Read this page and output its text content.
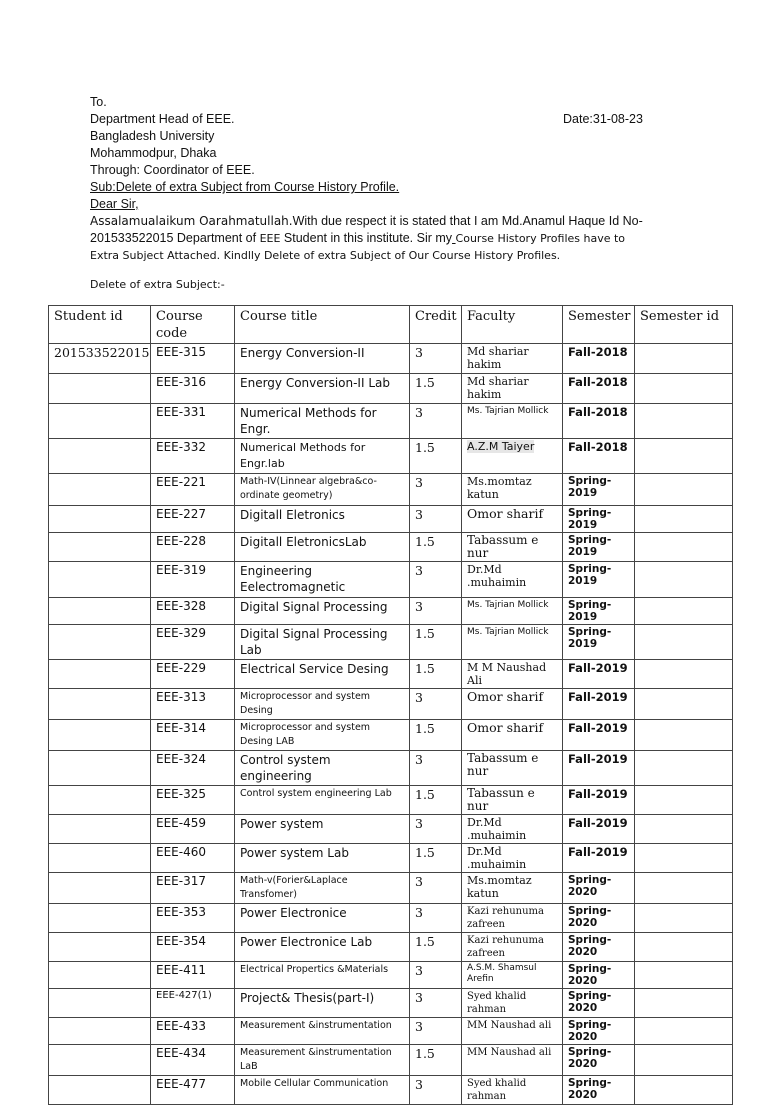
To.
Department Head of EEE.
Bangladesh University
Mohammodpur, Dhaka
Through: Coordinator of EEE.
Sub:Delete of extra Subject from Course History Profile.
Dear Sir,
Assalamualaikum Oarahmatullah.With due respect it is stated that I am Md.Anamul Haque Id No-201533522015 Department of EEE Student in this institute. Sir my Course History Profiles have to Extra Subject Attached. Kindlly Delete of extra Subject of Our Course History Profiles.
Date:31-08-23
Delete of extra Subject:-
Student id	Course code	Course title	Credit	Faculty	Semester	Semester id
201533522015	EEE-315	Energy Conversion-II	3	Md shariar hakim	Fall-2018	
	EEE-316	Energy Conversion-II Lab	1.5	Md shariar hakim	Fall-2018	
	EEE-331	Numerical Methods for Engr.	3	Ms. Tajrian Mollick	Fall-2018	
	EEE-332	Numerical Methods for Engr.lab	1.5	A.Z.M Taiyer	Fall-2018	
	EEE-221	Math-IV(Linnear algebra&co-ordinate geometry)	3	Ms.momtaz katun	Spring-2019	
	EEE-227	Digitall Eletronics	3	Omor sharif	Spring-2019	
	EEE-228	Digitall EletronicsLab	1.5	Tabassum e nur	Spring-2019	
	EEE-319	Engineering Eelectromagnetic	3	Dr.Md .muhaimin	Spring-2019	
	EEE-328	Digital Signal Processing	3	Ms. Tajrian Mollick	Spring-2019	
	EEE-329	Digital Signal Processing Lab	1.5	Ms. Tajrian Mollick	Spring-2019	
	EEE-229	Electrical Service Desing	1.5	M M Naushad Ali	Fall-2019	
	EEE-313	Microprocessor and system Desing	3	Omor sharif	Fall-2019	
	EEE-314	Microprocessor and system Desing LAB	1.5	Omor sharif	Fall-2019	
	EEE-324	Control system engineering	3	Tabassum e nur	Fall-2019	
	EEE-325	Control system engineering Lab	1.5	Tabassun e nur	Fall-2019	
	EEE-459	Power system	3	Dr.Md .muhaimin	Fall-2019	
	EEE-460	Power system Lab	1.5	Dr.Md .muhaimin	Fall-2019	
	EEE-317	Math-v(Forier&Laplace Transfomer)	3	Ms.momtaz katun	Spring- 2020	
	EEE-353	Power Electronice	3	Kazi rehunuma zafreen	Spring- 2020	
	EEE-354	Power Electronice Lab	1.5	Kazi rehunuma zafreen	Spring- 2020	
	EEE-411	Electrical Propertics &Materials	3	A.S.M. Shamsul Arefin	Spring- 2020	
	EEE-427(1)	Project& Thesis(part-I)	3	Syed khalid rahman	Spring- 2020	
	EEE-433	Measurement &instrumentation	3	MM Naushad ali	Spring- 2020	
	EEE-434	Measurement &instrumentation LaB	1.5	MM Naushad ali	Spring- 2020	
	EEE-477	Mobile Cellular Communication	3	Syed khalid rahman	Spring- 2020	
